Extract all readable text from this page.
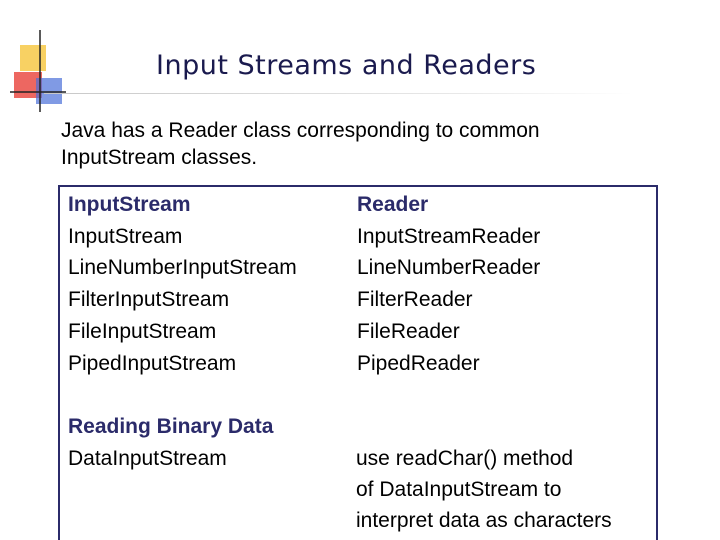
Input Streams and Readers
Java has a Reader class corresponding to common
InputStream classes.
InputStream
InputStream
LineNumberInputStream
FilterInputStream
FileInputStream
PipedInputStream
Reader
InputStreamReader
LineNumberReader
FilterReader
FileReader
PipedReader
Reading Binary Data
DataInputStream	use readChar() method
of DataInputStream to
interpret data as characters
